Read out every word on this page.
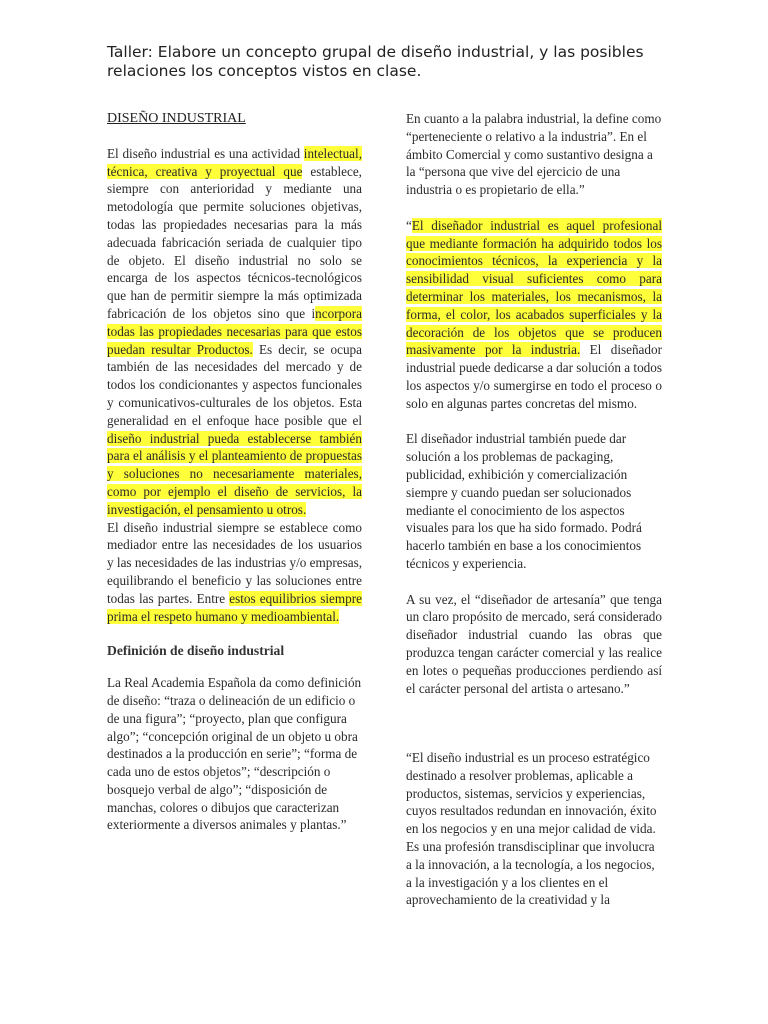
Taller: Elabore un concepto grupal de diseño industrial, y las posibles relaciones los conceptos vistos en clase.

DISEÑO INDUSTRIAL

El diseño industrial es una actividad intelectual, técnica, creativa y proyectual que establece, siempre con anterioridad y mediante una metodología que permite soluciones objetivas, todas las propiedades necesarias para la más adecuada fabricación seriada de cualquier tipo de objeto. El diseño industrial no solo se encarga de los aspectos técnicos-tecnológicos que han de permitir siempre la más optimizada fabricación de los objetos sino que incorpora todas las propiedades necesarias para que estos puedan resultar Productos. Es decir, se ocupa también de las necesidades del mercado y de todos los condicionantes y aspectos funcionales y comunicativos-culturales de los objetos. Esta generalidad en el enfoque hace posible que el diseño industrial pueda establecerse también para el análisis y el planteamiento de propuestas y soluciones no necesariamente materiales, como por ejemplo el diseño de servicios, la investigación, el pensamiento u otros.

El diseño industrial siempre se establece como mediador entre las necesidades de los usuarios y las necesidades de las industrias y/o empresas, equilibrando el beneficio y las soluciones entre todas las partes. Entre estos equilibrios siempre prima el respeto humano y medioambiental.

Definición de diseño industrial

La Real Academia Española da como definición de diseño: “traza o delineación de un edificio o de una figura”; “proyecto, plan que configura algo”; “concepción original de un objeto u obra destinados a la producción en serie”; “forma de cada uno de estos objetos”; “descripción o bosquejo verbal de algo”; “disposición de manchas, colores o dibujos que caracterizan exteriormente a diversos animales y plantas.”

En cuanto a la palabra industrial, la define como “perteneciente o relativo a la industria”. En el ámbito Comercial y como sustantivo designa a la “persona que vive del ejercicio de una industria o es propietario de ella.”

“El diseñador industrial es aquel profesional que mediante formación ha adquirido todos los conocimientos técnicos, la experiencia y la sensibilidad visual suficientes como para determinar los materiales, los mecanismos, la forma, el color, los acabados superficiales y la decoración de los objetos que se producen masivamente por la industria. El diseñador industrial puede dedicarse a dar solución a todos los aspectos y/o sumergirse en todo el proceso o solo en algunas partes concretas del mismo.

El diseñador industrial también puede dar solución a los problemas de packaging, publicidad, exhibición y comercialización siempre y cuando puedan ser solucionados mediante el conocimiento de los aspectos visuales para los que ha sido formado. Podrá hacerlo también en base a los conocimientos técnicos y experiencia.

A su vez, el “diseñador de artesanía” que tenga un claro propósito de mercado, será considerado diseñador industrial cuando las obras que produzca tengan carácter comercial y las realice en lotes o pequeñas producciones perdiendo así el carácter personal del artista o artesano.”

“El diseño industrial es un proceso estratégico destinado a resolver problemas, aplicable a productos, sistemas, servicios y experiencias, cuyos resultados redundan en innovación, éxito en los negocios y en una mejor calidad de vida. Es una profesión transdisciplinar que involucra a la innovación, a la tecnología, a los negocios, a la investigación y a los clientes en el aprovechamiento de la creatividad y la
